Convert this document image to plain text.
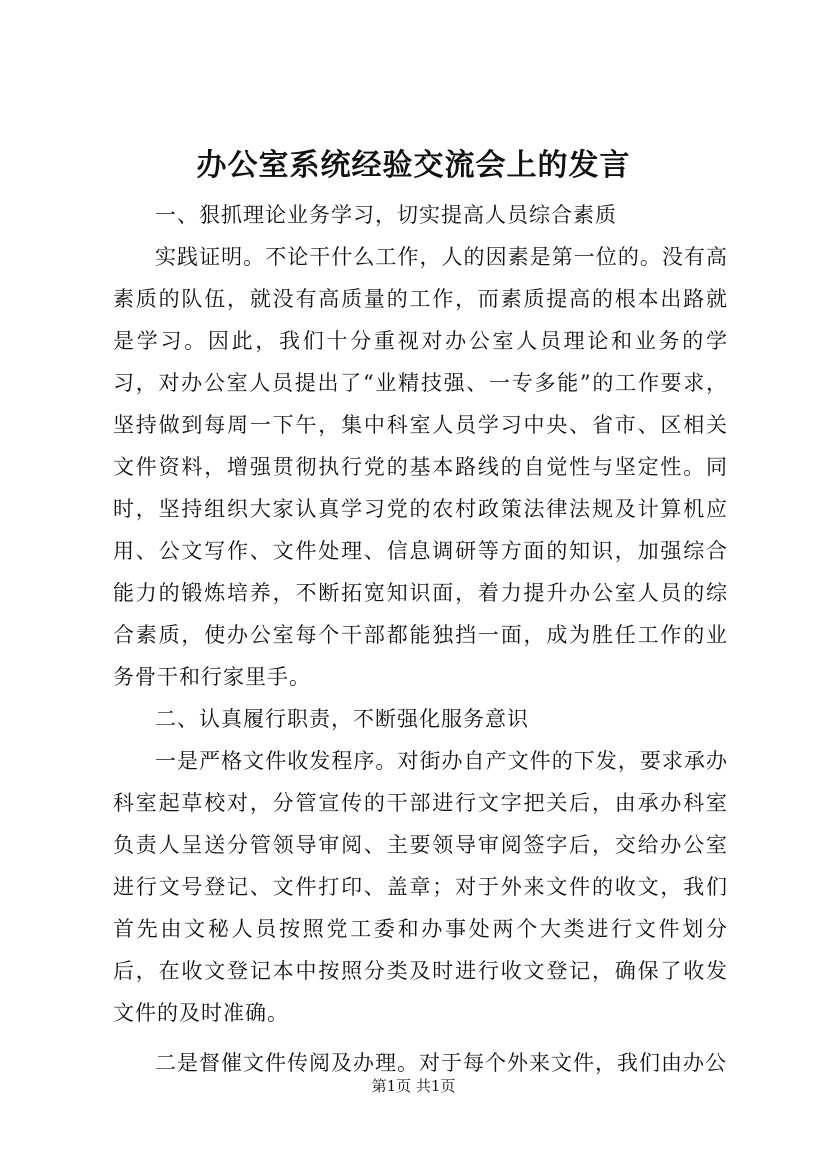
办公室系统经验交流会上的发言

一、狠抓理论业务学习，切实提高人员综合素质

实践证明。不论干什么工作，人的因素是第一位的。没有高素质的队伍，就没有高质量的工作，而素质提高的根本出路就是学习。因此，我们十分重视对办公室人员理论和业务的学习，对办公室人员提出了“业精技强、一专多能”的工作要求，坚持做到每周一下午，集中科室人员学习中央、省市、区相关文件资料，增强贯彻执行党的基本路线的自觉性与坚定性。同时，坚持组织大家认真学习党的农村政策法律法规及计算机应用、公文写作、文件处理、信息调研等方面的知识，加强综合能力的锻炼培养，不断拓宽知识面，着力提升办公室人员的综合素质，使办公室每个干部都能独挡一面，成为胜任工作的业务骨干和行家里手。

二、认真履行职责，不断强化服务意识

一是严格文件收发程序。对街办自产文件的下发，要求承办科室起草校对，分管宣传的干部进行文字把关后，由承办科室负责人呈送分管领导审阅、主要领导审阅签字后，交给办公室进行文号登记、文件打印、盖章；对于外来文件的收文，我们首先由文秘人员按照党工委和办事处两个大类进行文件划分后，在收文登记本中按照分类及时进行收文登记，确保了收发文件的及时准确。

二是督催文件传阅及办理。对于每个外来文件，我们由办公

第1页 共1页
